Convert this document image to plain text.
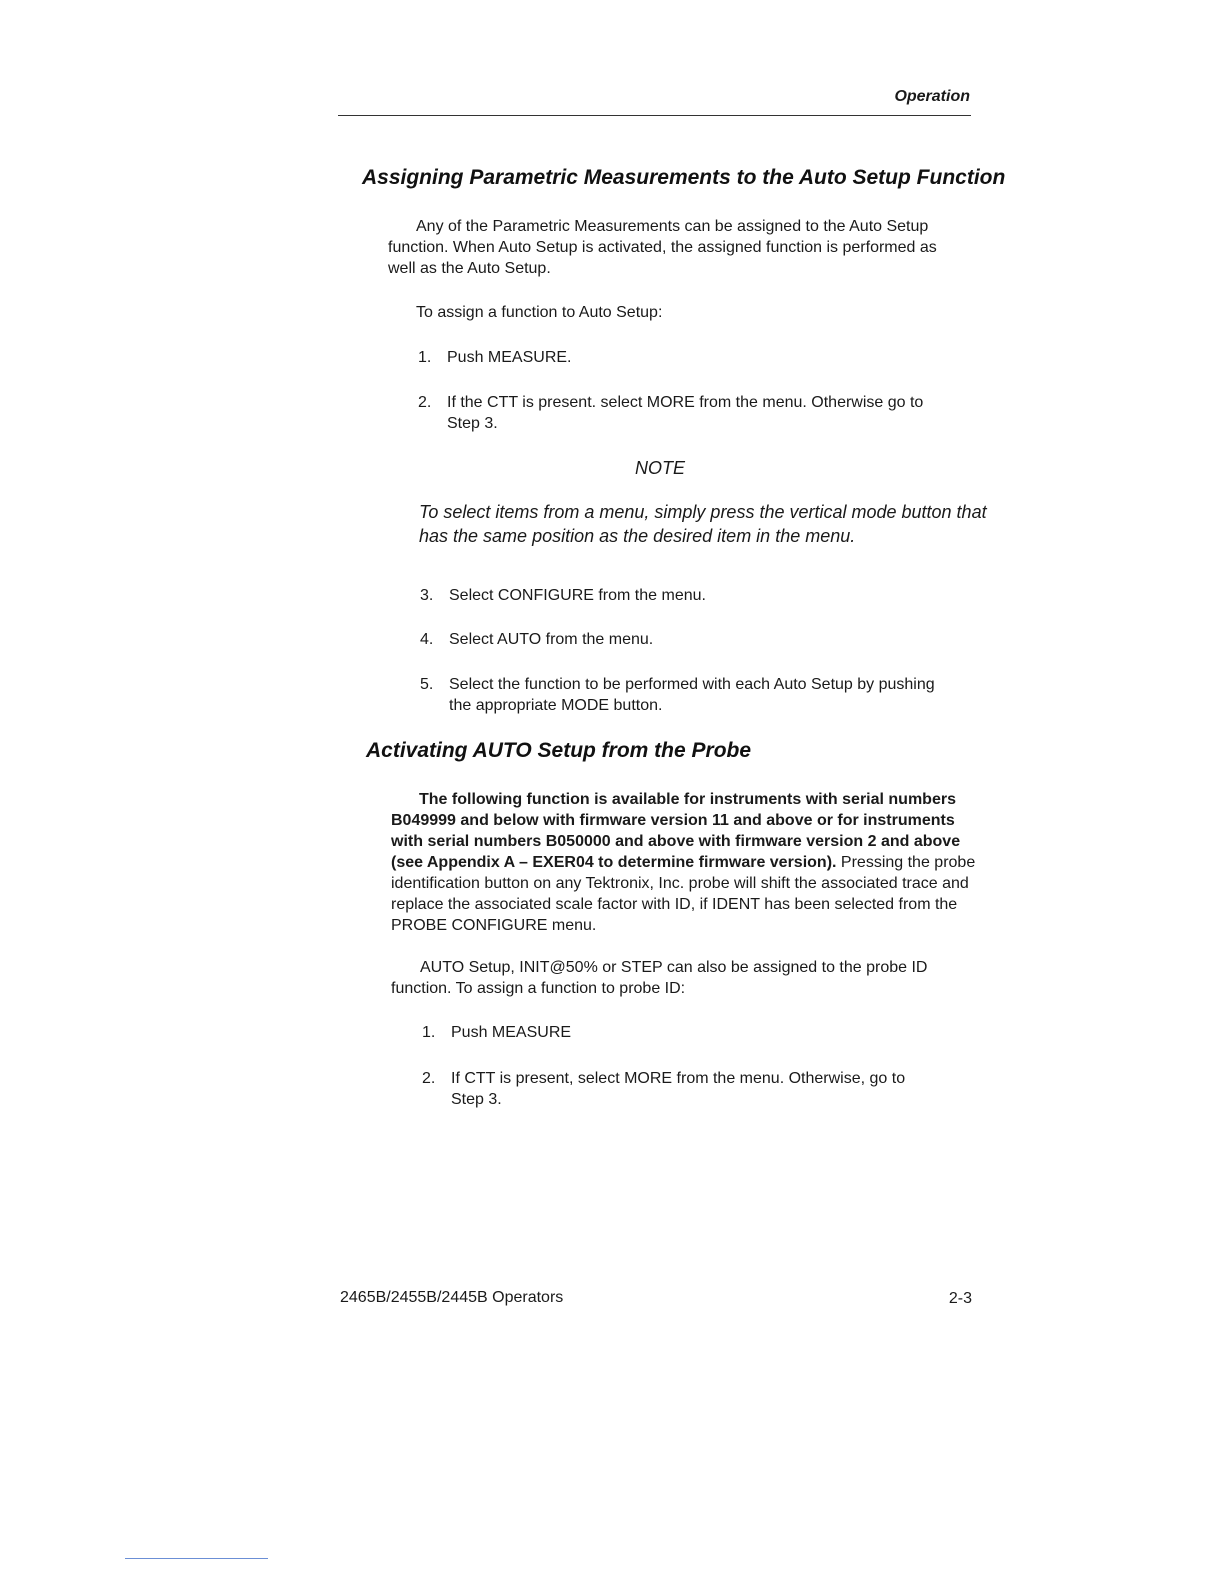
Operation
Assigning Parametric Measurements to the Auto Setup Function
Any of the Parametric Measurements can be assigned to the Auto Setup
function. When Auto Setup is activated, the assigned function is performed as
well as the Auto Setup.
To assign a function to Auto Setup:
1. Push MEASURE.
2. If the CTT is present. select MORE from the menu. Otherwise go to
Step 3.
NOTE
To select items from a menu, simply press the vertical mode button that
has the same position as the desired item in the menu.
3. Select CONFIGURE from the menu.
4. Select AUTO from the menu.
5. Select the function to be performed with each Auto Setup by pushing
the appropriate MODE button.
Activating AUTO Setup from the Probe
The following function is available for instruments with serial numbers
B049999 and below with firmware version 11 and above or for instruments
with serial numbers B050000 and above with firmware version 2 and above
(see Appendix A – EXER04 to determine firmware version). Pressing the probe
identification button on any Tektronix, Inc. probe will shift the associated trace and
replace the associated scale factor with ID, if IDENT has been selected from the
PROBE CONFIGURE menu.
AUTO Setup, INIT@50% or STEP can also be assigned to the probe ID
function. To assign a function to probe ID:
1. Push MEASURE
2. If CTT is present, select MORE from the menu. Otherwise, go to
Step 3.
2465B/2455B/2445B Operators	2-3
